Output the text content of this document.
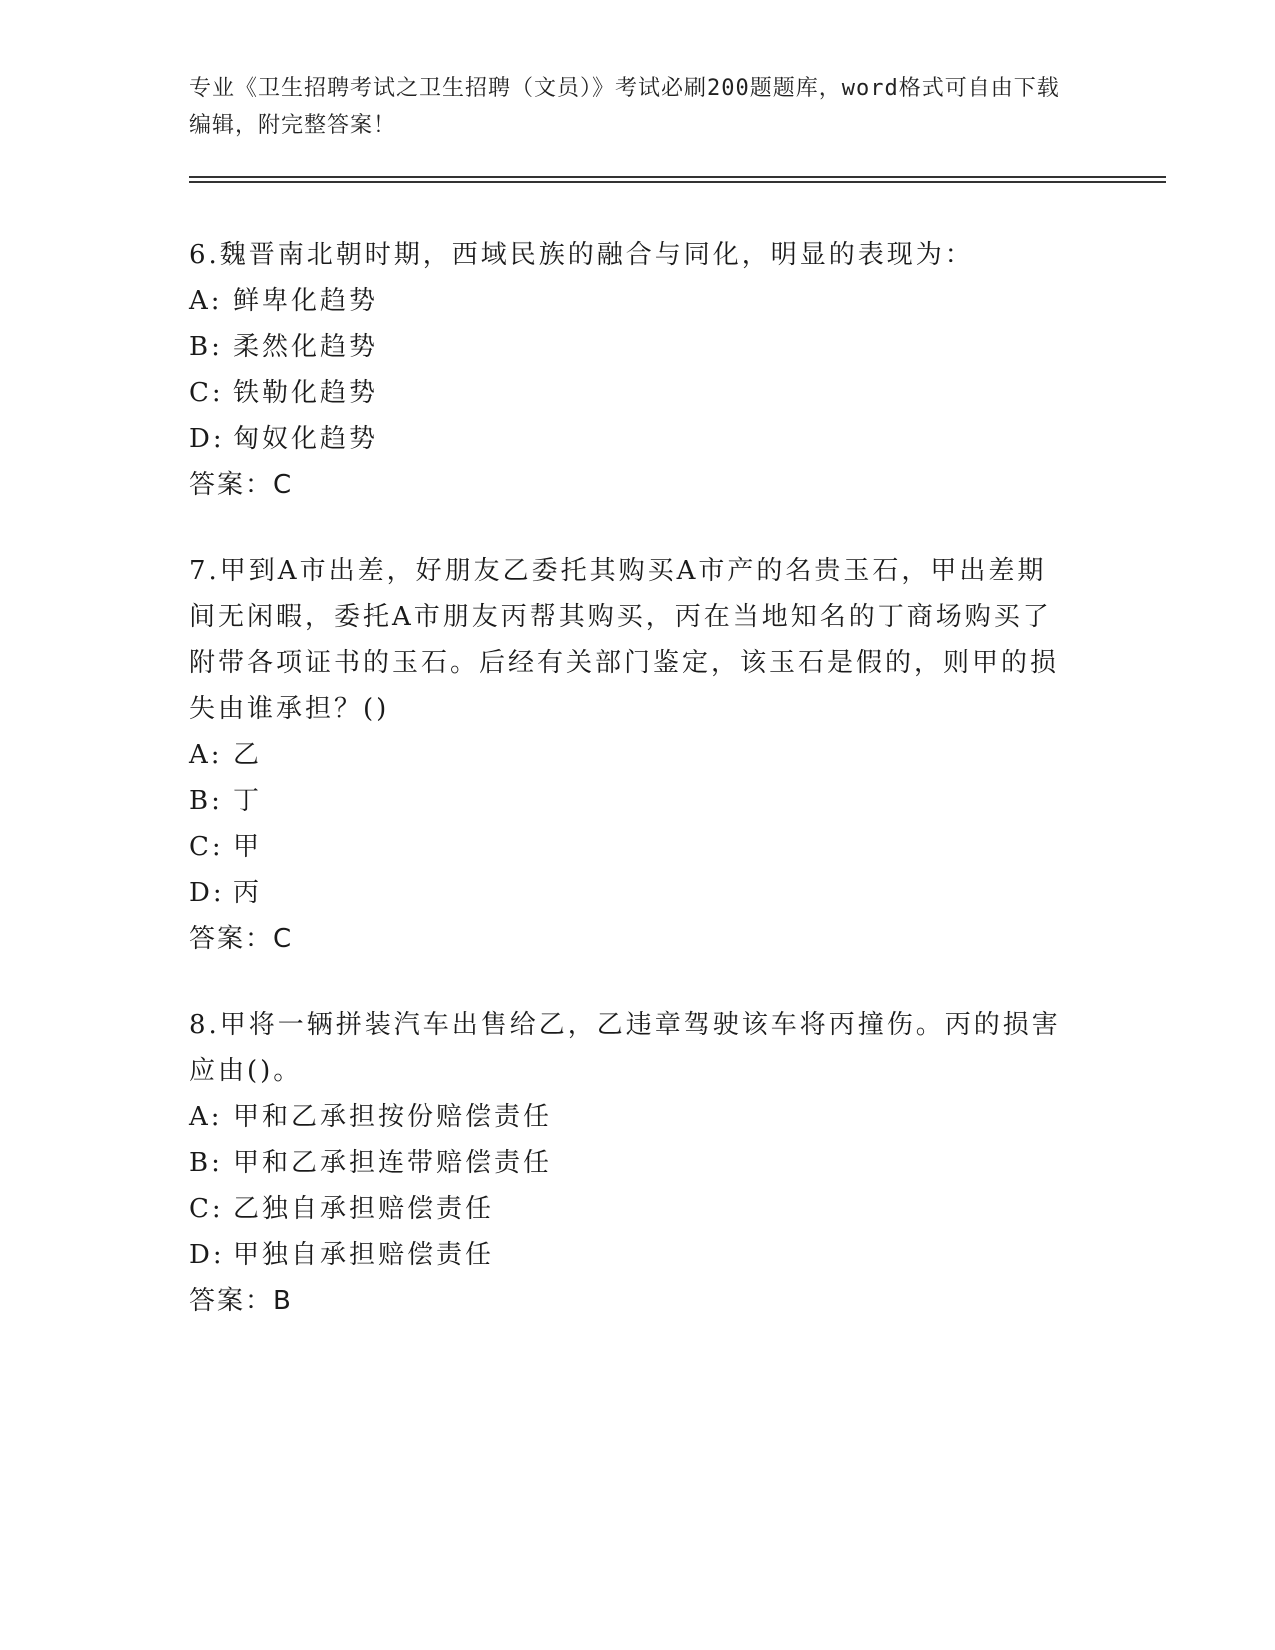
专业《卫生招聘考试之卫生招聘（文员）》考试必刷200题题库，word格式可自由下载编辑，附完整答案！

6.魏晋南北朝时期，西域民族的融合与同化，明显的表现为：

A: 鲜卑化趋势
B: 柔然化趋势
C: 铁勒化趋势
D: 匈奴化趋势

答案：C

7.甲到A市出差，好朋友乙委托其购买A市产的名贵玉石，甲出差期间无闲暇，委托A市朋友丙帮其购买，丙在当地知名的丁商场购买了附带各项证书的玉石。后经有关部门鉴定，该玉石是假的，则甲的损失由谁承担？()

A: 乙
B: 丁
C: 甲
D: 丙

答案：C

8.甲将一辆拼装汽车出售给乙，乙违章驾驶该车将丙撞伤。丙的损害应由()。

A: 甲和乙承担按份赔偿责任
B: 甲和乙承担连带赔偿责任
C: 乙独自承担赔偿责任
D: 甲独自承担赔偿责任

答案：B
